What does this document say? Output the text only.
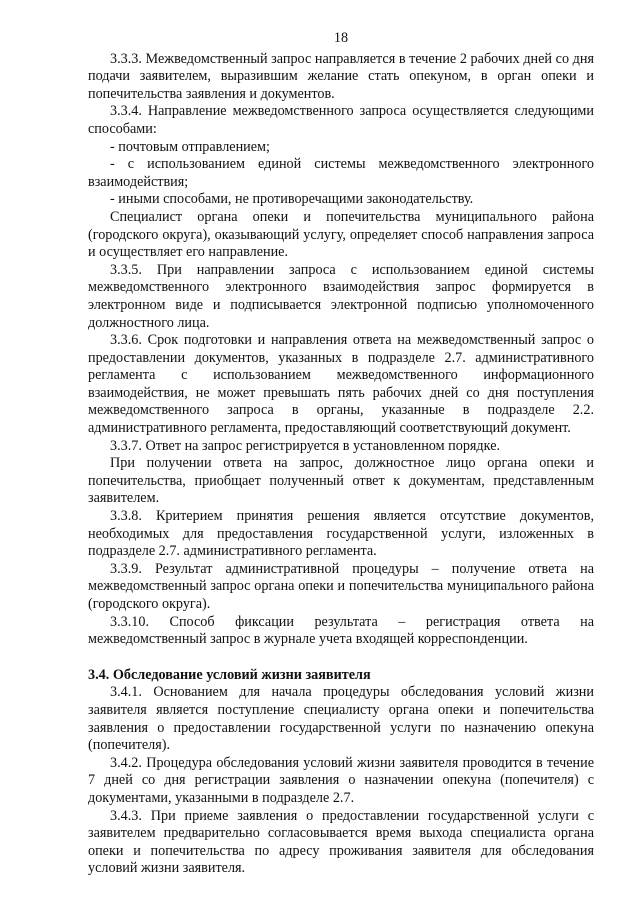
18

3.3.3. Межведомственный запрос направляется в течение 2 рабочих дней со дня подачи заявителем, выразившим желание стать опекуном, в орган опеки и попечительства заявления и документов.

3.3.4. Направление межведомственного запроса осуществляется следующими способами:

- почтовым отправлением;

- с использованием единой системы межведомственного электронного взаимодействия;

- иными способами, не противоречащими законодательству.

Специалист органа опеки и попечительства муниципального района (городского округа), оказывающий услугу, определяет способ направления запроса и осуществляет его направление.

3.3.5. При направлении запроса с использованием единой системы межведомственного электронного взаимодействия запрос формируется в электронном виде и подписывается электронной подписью уполномоченного должностного лица.

3.3.6. Срок подготовки и направления ответа на межведомственный запрос о предоставлении документов, указанных в подразделе 2.7. административного регламента с использованием межведомственного информационного взаимодействия, не может превышать пять рабочих дней со дня поступления межведомственного запроса в органы, указанные в подразделе 2.2. административного регламента, предоставляющий соответствующий документ.

3.3.7. Ответ на запрос регистрируется в установленном порядке.

При получении ответа на запрос, должностное лицо органа опеки и попечительства, приобщает полученный ответ к документам, представленным заявителем.

3.3.8. Критерием принятия решения является отсутствие документов, необходимых для предоставления государственной услуги, изложенных в подразделе 2.7. административного регламента.

3.3.9. Результат административной процедуры – получение ответа на межведомственный запрос органа опеки и попечительства муниципального района (городского округа).

3.3.10. Способ фиксации результата – регистрация ответа на межведомственный запрос в журнале учета входящей корреспонденции.

3.4. Обследование условий жизни заявителя

3.4.1. Основанием для начала процедуры обследования условий жизни заявителя является поступление специалисту органа опеки и попечительства заявления о предоставлении государственной услуги по назначению опекуна (попечителя).

3.4.2. Процедура обследования условий жизни заявителя проводится в течение 7 дней со дня регистрации заявления о назначении опекуна (попечителя) с документами, указанными в подразделе 2.7.

3.4.3. При приеме заявления о предоставлении государственной услуги с заявителем предварительно согласовывается время выхода специалиста органа опеки и попечительства по адресу проживания заявителя для обследования условий жизни заявителя.
